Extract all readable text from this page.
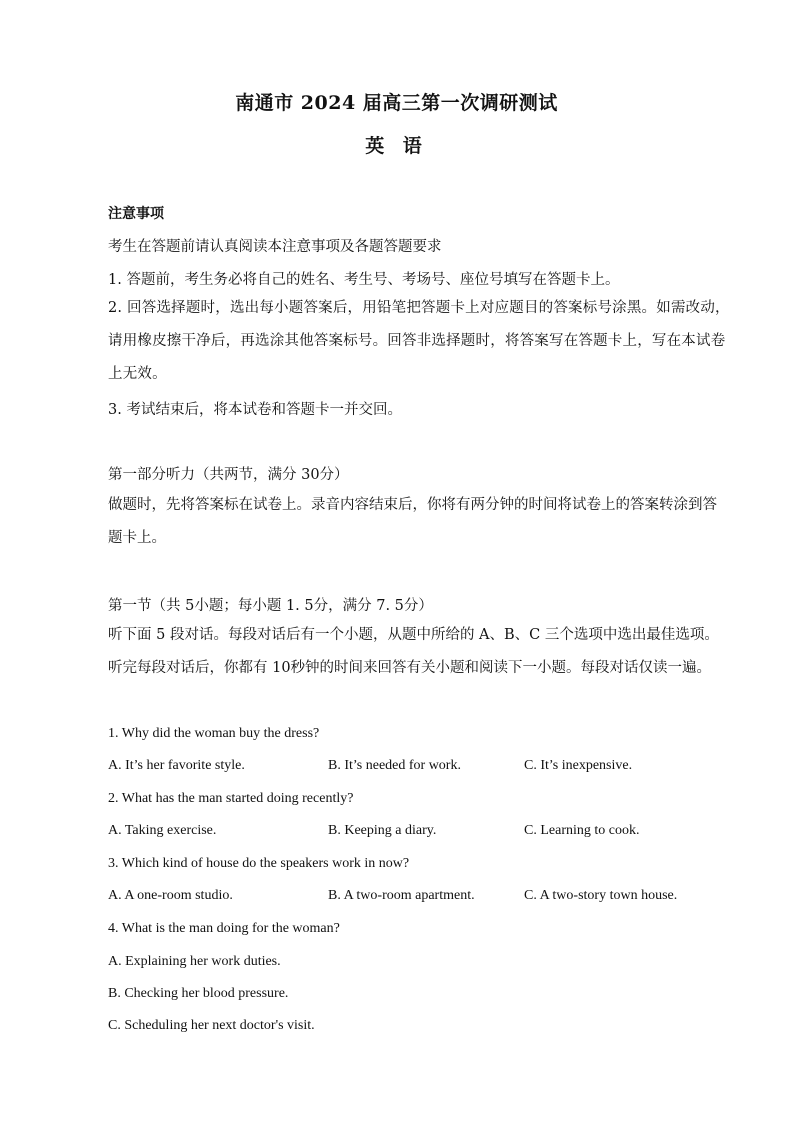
南通市 2024 届高三第一次调研测试
英 语
注意事项
考生在答题前请认真阅读本注意事项及各题答题要求
1. 答题前，考生务必将自己的姓名、考生号、考场号、座位号填写在答题卡上。
2. 回答选择题时，选出每小题答案后，用铅笔把答题卡上对应题目的答案标号涂黑。如需改动，请用橡皮擦干净后，再选涂其他答案标号。回答非选择题时，将答案写在答题卡上，写在本试卷上无效。
3. 考试结束后，将本试卷和答题卡一并交回。
第一部分听力（共两节，满分 30分）
做题时，先将答案标在试卷上。录音内容结束后，你将有两分钟的时间将试卷上的答案转涂到答题卡上。
第一节（共 5小题；每小题 1. 5分，满分 7. 5分）
听下面 5 段对话。每段对话后有一个小题，从题中所给的 A、B、C 三个选项中选出最佳选项。听完每段对话后，你都有 10秒钟的时间来回答有关小题和阅读下一小题。每段对话仅读一遍。
1. Why did the woman buy the dress?
A. It’s her favorite style.	B. It’s needed for work.	C. It’s inexpensive.
2. What has the man started doing recently?
A. Taking exercise.	B. Keeping a diary.	C. Learning to cook.
3. Which kind of house do the speakers work in now?
A. A one-room studio.	B. A two-room apartment.	C. A two-story town house.
4. What is the man doing for the woman?
A. Explaining her work duties.
B. Checking her blood pressure.
C. Scheduling her next doctor's visit.
